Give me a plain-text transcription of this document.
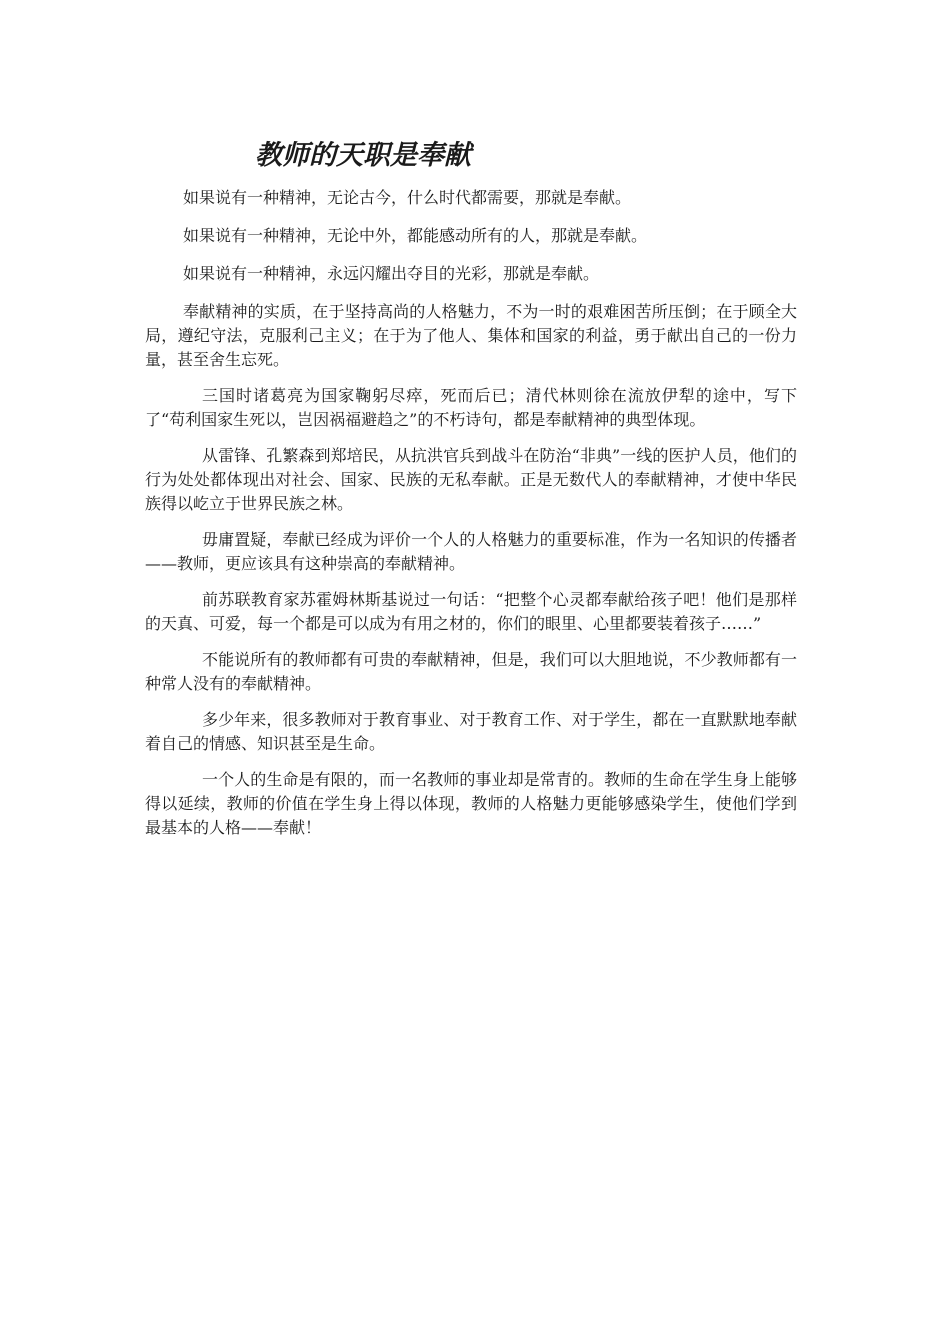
教师的天职是奉献

如果说有一种精神，无论古今，什么时代都需要，那就是奉献。

如果说有一种精神，无论中外，都能感动所有的人，那就是奉献。

如果说有一种精神，永远闪耀出夺目的光彩，那就是奉献。

奉献精神的实质，在于坚持高尚的人格魅力，不为一时的艰难困苦所压倒；在于顾全大局，遵纪守法，克服利己主义；在于为了他人、集体和国家的利益，勇于献出自己的一份力量，甚至舍生忘死。

三国时诸葛亮为国家鞠躬尽瘁，死而后已；清代林则徐在流放伊犁的途中，写下了“苟利国家生死以，岂因祸福避趋之”的不朽诗句，都是奉献精神的典型体现。

从雷锋、孔繁森到郑培民，从抗洪官兵到战斗在防治“非典”一线的医护人员，他们的行为处处都体现出对社会、国家、民族的无私奉献。正是无数代人的奉献精神，才使中华民族得以屹立于世界民族之林。

毋庸置疑，奉献已经成为评价一个人的人格魅力的重要标准，作为一名知识的传播者——教师，更应该具有这种崇高的奉献精神。

前苏联教育家苏霍姆林斯基说过一句话：“把整个心灵都奉献给孩子吧！他们是那样的天真、可爱，每一个都是可以成为有用之材的，你们的眼里、心里都要装着孩子……”

不能说所有的教师都有可贵的奉献精神，但是，我们可以大胆地说，不少教师都有一种常人没有的奉献精神。

多少年来，很多教师对于教育事业、对于教育工作、对于学生，都在一直默默地奉献着自己的情感、知识甚至是生命。

一个人的生命是有限的，而一名教师的事业却是常青的。教师的生命在学生身上能够得以延续，教师的价值在学生身上得以体现，教师的人格魅力更能够感染学生，使他们学到最基本的人格——奉献！
